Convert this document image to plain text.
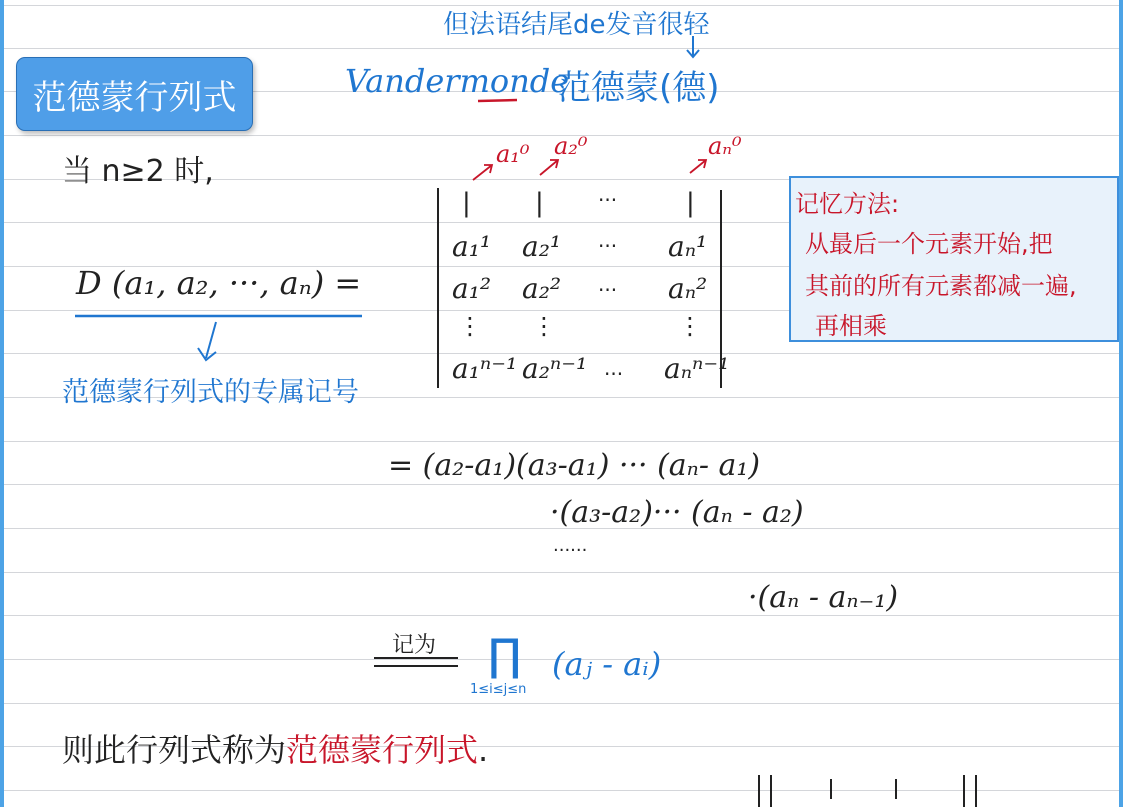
范德蒙行列式
但法语结尾de发音很轻
Vandermonde
范德蒙(德)
当 n≥2 时,	a₁⁰ a₂⁰	aₙ⁰
D (a₁, a₂, ···, aₙ) =
范德蒙行列式的专属记号
| |	···	|
a₁¹ a₂¹ ··· aₙ¹
a₁² a₂² ··· aₙ²
⋮ ⋮	⋮
a₁ⁿ⁻¹ a₂ⁿ⁻¹ ··· aₙⁿ⁻¹
记忆方法:
从最后一个元素开始,把
其前的所有元素都减一遍,
再相乘
= (a₂-a₁)(a₃-a₁) ··· (aₙ- a₁)
·(a₃-a₂)··· (aₙ - a₂)
······
·(aₙ - aₙ₋₁)
记为 ∏
1≤i≤j≤n
(aⱼ - aᵢ)
则此行列式称为范德蒙行列式.
